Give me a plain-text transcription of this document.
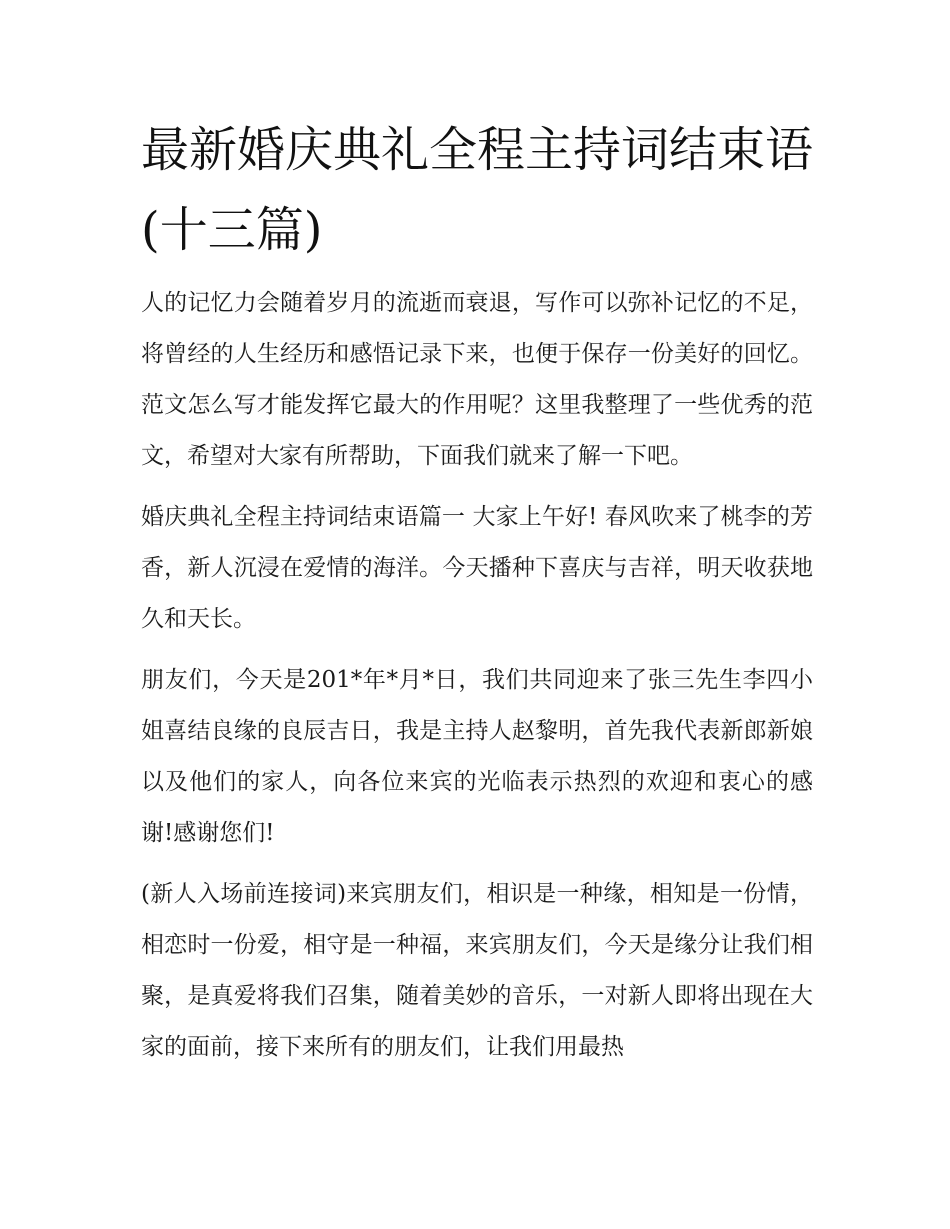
最新婚庆典礼全程主持词结束语(十三篇)

人的记忆力会随着岁月的流逝而衰退，写作可以弥补记忆的不足，将曾经的人生经历和感悟记录下来，也便于保存一份美好的回忆。范文怎么写才能发挥它最大的作用呢？这里我整理了一些优秀的范文，希望对大家有所帮助，下面我们就来了解一下吧。

婚庆典礼全程主持词结束语篇一 大家上午好! 春风吹来了桃李的芳香，新人沉浸在爱情的海洋。今天播种下喜庆与吉祥，明天收获地久和天长。

朋友们，今天是201*年*月*日，我们共同迎来了张三先生李四小姐喜结良缘的良辰吉日，我是主持人赵黎明，首先我代表新郎新娘以及他们的家人，向各位来宾的光临表示热烈的欢迎和衷心的感谢!感谢您们!

(新人入场前连接词)来宾朋友们，相识是一种缘，相知是一份情，相恋时一份爱，相守是一种福，来宾朋友们，今天是缘分让我们相聚，是真爱将我们召集，随着美妙的音乐，一对新人即将出现在大家的面前，接下来所有的朋友们，让我们用最热
